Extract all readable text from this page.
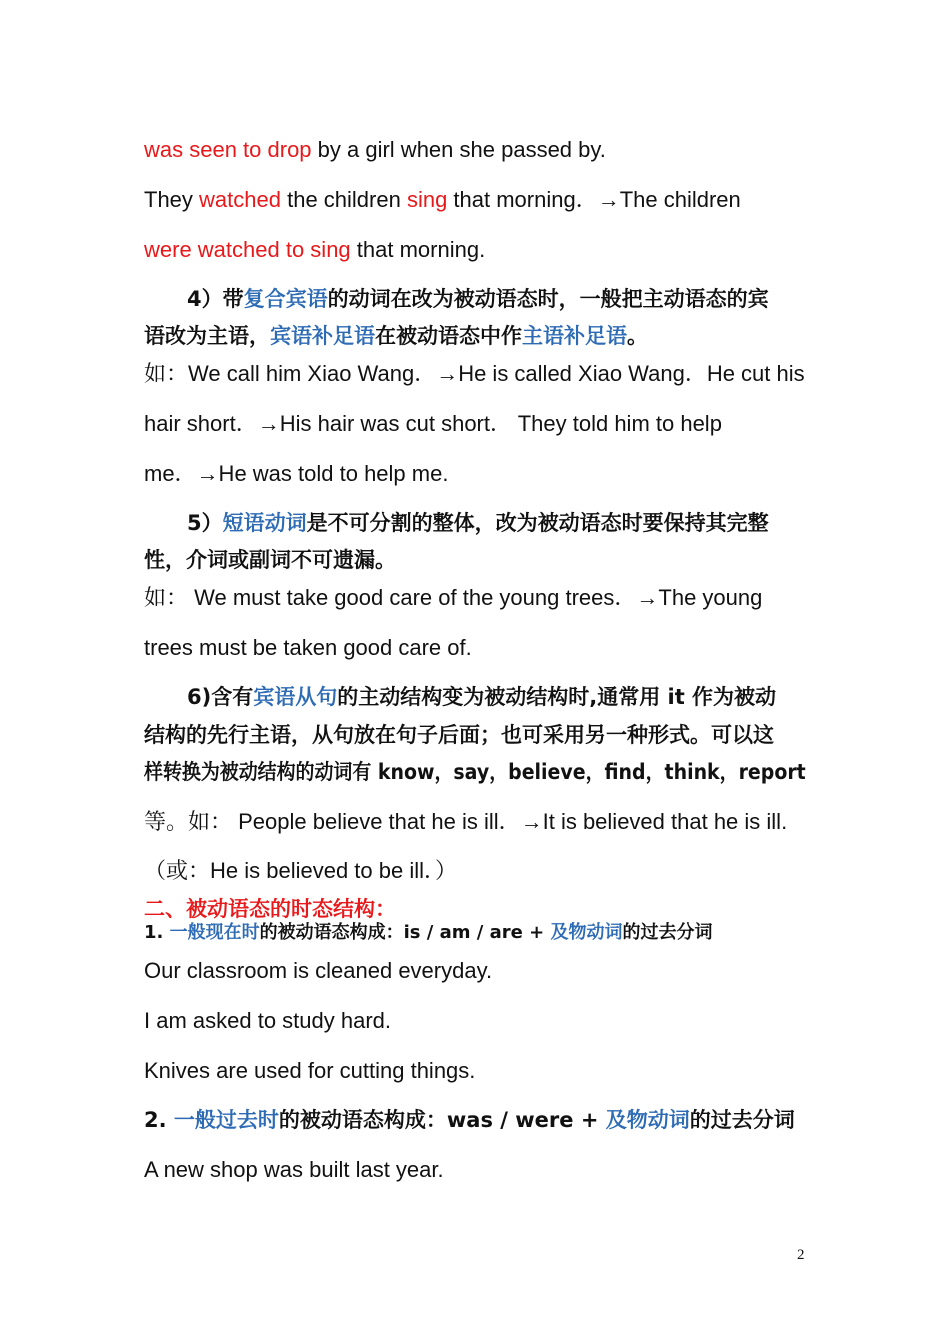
was seen to drop by a girl when she passed by.
They watched the children sing that morning．→The children
were watched to sing that morning.
4）带复合宾语的动词在改为被动语态时，一般把主动语态的宾
语改为主语，宾语补足语在被动语态中作主语补足语。
如：We call him Xiao Wang．→He is called Xiao Wang．He cut his
hair short．→His hair was cut short． They told him to help
me．→He was told to help me.
5）短语动词是不可分割的整体，改为被动语态时要保持其完整
性，介词或副词不可遗漏。
如： We must take good care of the young trees．→The young
trees must be taken good care of.
6)含有宾语从句的主动结构变为被动结构时,通常用 it 作为被动
结构的先行主语，从句放在句子后面；也可采用另一种形式。可以这
样转换为被动结构的动词有 know，say，believe，find，think，report
等。如： People believe that he is ill．→It is believed that he is ill.
（或：He is believed to be ill．）
二、被动语态的时态结构：
1. 一般现在时的被动语态构成：is / am / are + 及物动词的过去分词
Our classroom is cleaned everyday.
I am asked to study hard.
Knives are used for cutting things.
2. 一般过去时的被动语态构成：was / were + 及物动词的过去分词
A new shop was built last year.
2
